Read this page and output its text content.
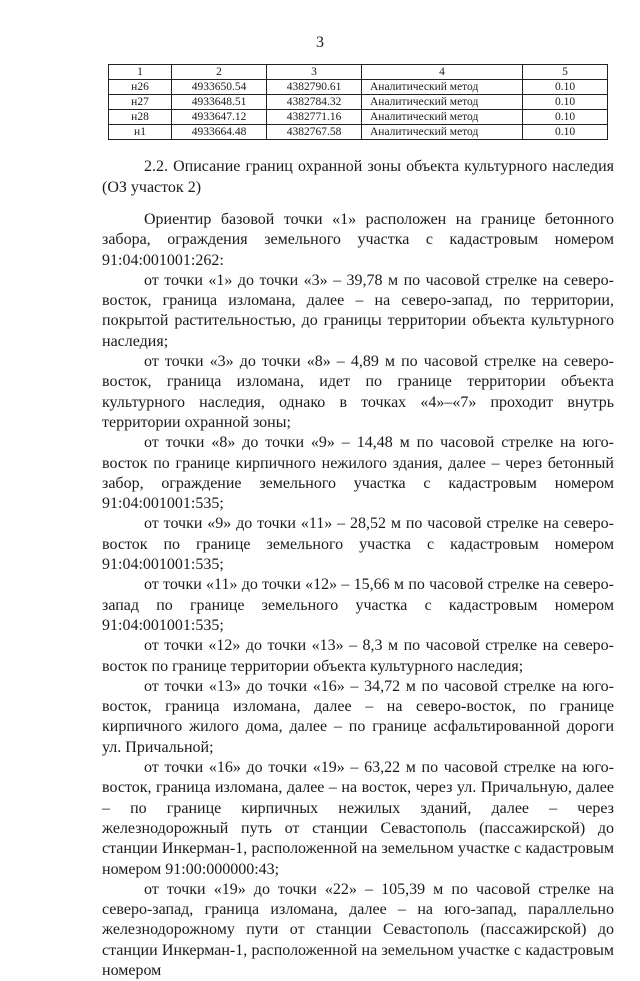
3
1	2	3	4	5
н26	4933650.54	4382790.61	Аналитический метод	0.10
н27	4933648.51	4382784.32	Аналитический метод	0.10
н28	4933647.12	4382771.16	Аналитический метод	0.10
н1	4933664.48	4382767.58	Аналитический метод	0.10
2.2. Описание границ охранной зоны объекта культурного наследия (ОЗ участок 2)

Ориентир базовой точки «1» расположен на границе бетонного забора, ограждения земельного участка с кадастровым номером 91:04:001001:262:

от точки «1» до точки «3» – 39,78 м по часовой стрелке на северо-восток, граница изломана, далее – на северо-запад, по территории, покрытой растительностью, до границы территории объекта культурного наследия;

от точки «3» до точки «8» – 4,89 м по часовой стрелке на северо-восток, граница изломана, идет по границе территории объекта культурного наследия, однако в точках «4»–«7» проходит внутрь территории охранной зоны;

от точки «8» до точки «9» – 14,48 м по часовой стрелке на юго-восток по границе кирпичного нежилого здания, далее – через бетонный забор, ограждение земельного участка с кадастровым номером 91:04:001001:535;

от точки «9» до точки «11» – 28,52 м по часовой стрелке на северо-восток по границе земельного участка с кадастровым номером 91:04:001001:535;

от точки «11» до точки «12» – 15,66 м по часовой стрелке на северо-запад по границе земельного участка с кадастровым номером 91:04:001001:535;

от точки «12» до точки «13» – 8,3 м по часовой стрелке на северо-восток по границе территории объекта культурного наследия;

от точки «13» до точки «16» – 34,72 м по часовой стрелке на юго-восток, граница изломана, далее – на северо-восток, по границе кирпичного жилого дома, далее – по границе асфальтированной дороги ул. Причальной;

от точки «16» до точки «19» – 63,22 м по часовой стрелке на юго-восток, граница изломана, далее – на восток, через ул. Причальную, далее – по границе кирпичных нежилых зданий, далее – через железнодорожный путь от станции Севастополь (пассажирской) до станции Инкерман-1, расположенной на земельном участке с кадастровым номером 91:00:000000:43;

от точки «19» до точки «22» – 105,39 м по часовой стрелке на северо-запад, граница изломана, далее – на юго-запад, параллельно железнодорожному пути от станции Севастополь (пассажирской) до станции Инкерман-1, расположенной на земельном участке с кадастровым номером
